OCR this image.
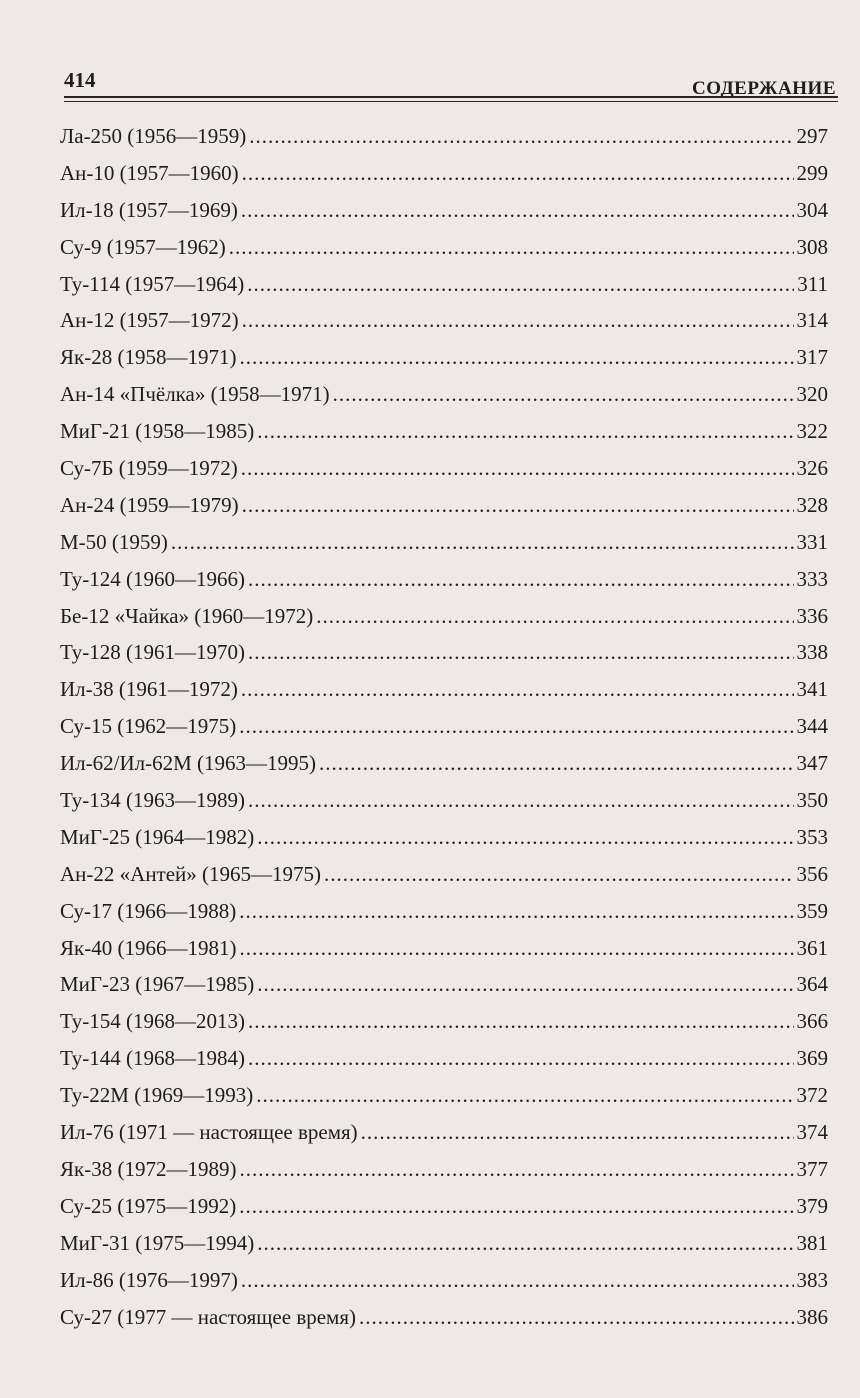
414	СОДЕРЖАНИЕ
Ла-250 (1956—1959) .....	297
Ан-10 (1957—1960) .....	299
Ил-18 (1957—1969) .....	304
Су-9 (1957—1962) .....	308
Ту-114 (1957—1964) .....	311
Ан-12 (1957—1972) .....	314
Як-28 (1958—1971) .....	317
Ан-14 «Пчёлка» (1958—1971) .....	320
МиГ-21 (1958—1985) .....	322
Су-7Б (1959—1972) .....	326
Ан-24 (1959—1979) .....	328
М-50 (1959) .....	331
Ту-124 (1960—1966) .....	333
Бе-12 «Чайка» (1960—1972) .....	336
Ту-128 (1961—1970) .....	338
Ил-38 (1961—1972) .....	341
Су-15 (1962—1975) .....	344
Ил-62/Ил-62М (1963—1995) .....	347
Ту-134 (1963—1989) .....	350
МиГ-25 (1964—1982) .....	353
Ан-22 «Антей» (1965—1975) .....	356
Су-17 (1966—1988) .....	359
Як-40 (1966—1981) .....	361
МиГ-23 (1967—1985) .....	364
Ту-154 (1968—2013) .....	366
Ту-144 (1968—1984) .....	369
Ту-22М (1969—1993) .....	372
Ил-76 (1971 — настоящее время) .....	374
Як-38 (1972—1989) .....	377
Су-25 (1975—1992) .....	379
МиГ-31 (1975—1994) .....	381
Ил-86 (1976—1997) .....	383
Су-27 (1977 — настоящее время) .....	386
